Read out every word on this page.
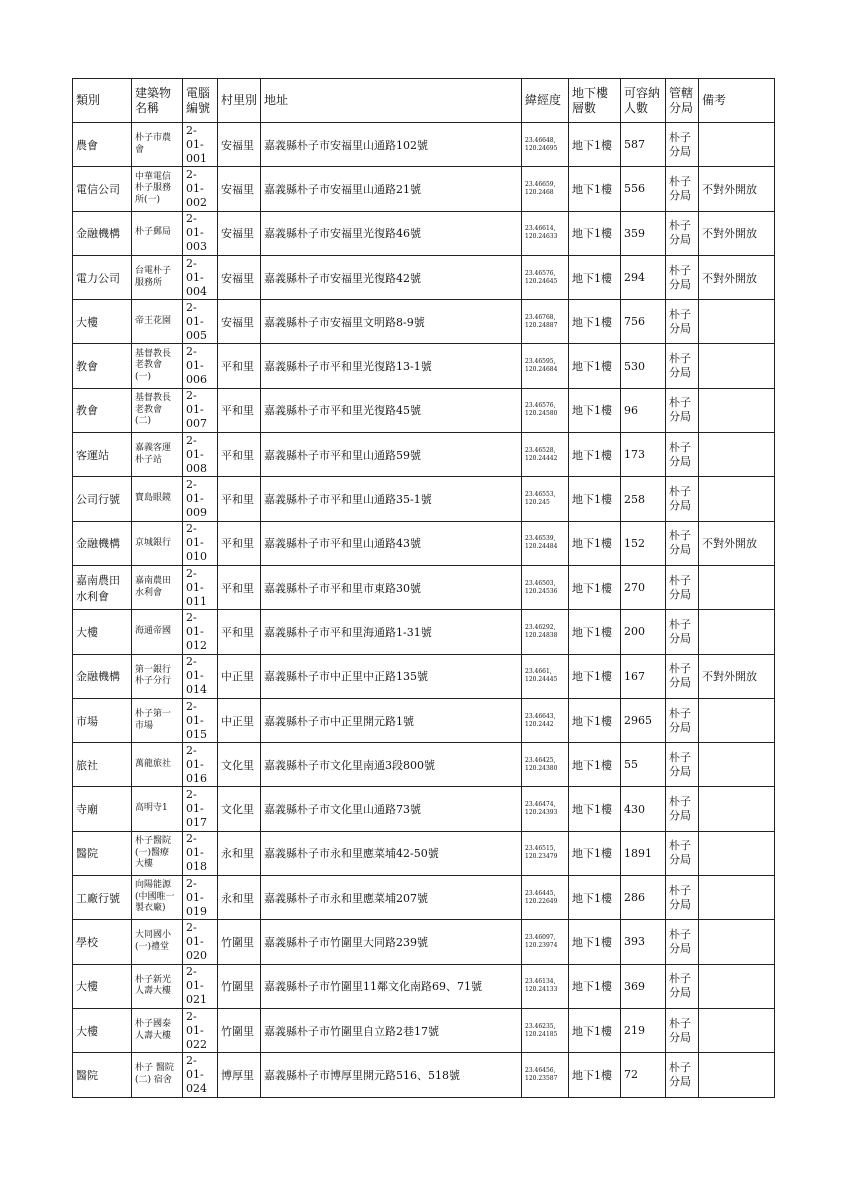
類別	建築物
名稱	電腦
編號	村里別	地址	緯經度	地下樓
層數	可容納
人數	管轄
分局	備考

農會	朴子市農
會	2-01-
001	安福里	嘉義縣朴子市安福里山通路102號	23.46648,
120.24695	地下1樓	587	朴子
分局	

電信公司	中華電信
朴子服務
所(一)	2-01-
002	安福里	嘉義縣朴子市安福里山通路21號	23.46659,
120.2468	地下1樓	556	朴子
分局	不對外開放

金融機構	朴子郵局	2-01-
003	安福里	嘉義縣朴子市安福里光復路46號	23.46614,
120.24633	地下1樓	359	朴子
分局	不對外開放

電力公司	台電朴子
服務所	2-01-
004	安福里	嘉義縣朴子市安福里光復路42號	23.46576,
120.24645	地下1樓	294	朴子
分局	不對外開放

大樓	帝王花園	2-01-
005	安福里	嘉義縣朴子市安福里文明路8-9號	23.46768,
120.24887	地下1樓	756	朴子
分局	

教會	基督教長
老教會
(一)	2-01-
006	平和里	嘉義縣朴子市平和里光復路13-1號	23.46595,
120.24684	地下1樓	530	朴子
分局	

教會	基督教長
老教會
(二)	2-01-
007	平和里	嘉義縣朴子市平和里光復路45號	23.46576,
120.24580	地下1樓	96	朴子
分局	

客運站	嘉義客運
朴子站	2-01-
008	平和里	嘉義縣朴子市平和里山通路59號	23.46528,
120.24442	地下1樓	173	朴子
分局	

公司行號	寶島眼鏡	2-01-
009	平和里	嘉義縣朴子市平和里山通路35-1號	23.46553,
120.245	地下1樓	258	朴子
分局	

金融機構	京城銀行	2-01-
010	平和里	嘉義縣朴子市平和里山通路43號	23.46539,
120.24484	地下1樓	152	朴子
分局	不對外開放

嘉南農田
水利會	嘉南農田
水利會	2-01-
011	平和里	嘉義縣朴子市平和里市東路30號	23.46503,
120.24536	地下1樓	270	朴子
分局	

大樓	海通帝國	2-01-
012	平和里	嘉義縣朴子市平和里海通路1-31號	23.46292,
120.24838	地下1樓	200	朴子
分局	

金融機構	第一銀行
朴子分行	2-01-
014	中正里	嘉義縣朴子市中正里中正路135號	23.4661,
120.24445	地下1樓	167	朴子
分局	不對外開放

市場	朴子第一
市場	2-01-
015	中正里	嘉義縣朴子市中正里開元路1號	23.46643,
120.2442	地下1樓	2965	朴子
分局	

旅社	萬龍旅社	2-01-
016	文化里	嘉義縣朴子市文化里南通3段800號	23.46425,
120.24380	地下1樓	55	朴子
分局	

寺廟	高明寺1	2-01-
017	文化里	嘉義縣朴子市文化里山通路73號	23.46474,
120.24393	地下1樓	430	朴子
分局	

醫院	朴子醫院
(一)醫療
大樓	2-01-
018	永和里	嘉義縣朴子市永和里應菜埔42-50號	23.46515,
120.23479	地下1樓	1891	朴子
分局	

工廠行號	向陽能源
(中國唯一
製衣廠)	2-01-
019	永和里	嘉義縣朴子市永和里應菜埔207號	23.46445,
120.22649	地下1樓	286	朴子
分局	

學校	大同國小
(一)禮堂	2-01-
020	竹圍里	嘉義縣朴子市竹圍里大同路239號	23.46097,
120.23974	地下1樓	393	朴子
分局	

大樓	朴子新光
人壽大樓	2-01-
021	竹圍里	嘉義縣朴子市竹圍里11鄰文化南路69、71號	23.46134,
120.24133	地下1樓	369	朴子
分局	

大樓	朴子國泰
人壽大樓	2-01-
022	竹圍里	嘉義縣朴子市竹圍里自立路2巷17號	23.46235,
120.24185	地下1樓	219	朴子
分局	

醫院	朴子 醫院
(二) 宿舍	2-01-
024	博厚里	嘉義縣朴子市博厚里開元路516、518號	23.46456,
120.23587	地下1樓	72	朴子
分局	
